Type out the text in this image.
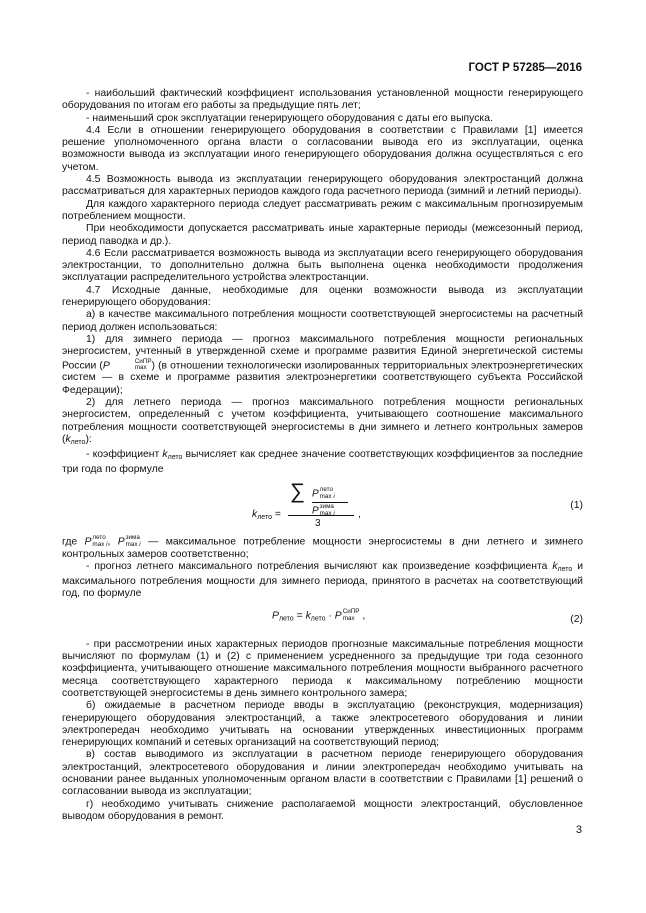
ГОСТ Р 57285—2016

- наибольший фактический коэффициент использования установленной мощности генерирующего оборудования по итогам его работы за предыдущие пять лет;

- наименьший срок эксплуатации генерирующего оборудования с даты его выпуска.

4.4 Если в отношении генерирующего оборудования в соответствии с Правилами [1] имеется решение уполномоченного органа власти о согласовании вывода его из эксплуатации, оценка возможности вывода из эксплуатации иного генерирующего оборудования должна осуществляться с его учетом.

4.5 Возможность вывода из эксплуатации генерирующего оборудования электростанций должна рассматриваться для характерных периодов каждого года расчетного периода (зимний и летний периоды).

Для каждого характерного периода следует рассматривать режим с максимальным прогнозируемым потреблением мощности.

При необходимости допускается рассматривать иные характерные периоды (межсезонный период, период паводка и др.).

4.6 Если рассматривается возможность вывода из эксплуатации всего генерирующего оборудования электростанции, то дополнительно должна быть выполнена оценка необходимости продолжения эксплуатации распределительного устройства электростанции.

4.7 Исходные данные, необходимые для оценки возможности вывода из эксплуатации генерирующего оборудования:

а) в качестве максимального потребления мощности соответствующей энергосистемы на расчетный период должен использоваться:

1) для зимнего периода — прогноз максимального потребления мощности региональных энергосистем, учтенный в утвержденной схеме и программе развития Единой энергетической системы России (P	СиПР
max ) (в отношении технологически изолированных территориальных электроэнергетических систем — в схеме и программе развития электроэнергетики соответствующего субъекта Российской Федерации);

2) для летнего периода — прогноз максимального потребления мощности региональных энергосистем, определенный с учетом коэффициента, учитывающего соотношение максимального потребления мощности соответствующей энергосистемы в дни зимнего и летнего контрольных замеров $(k_{лето})$:

- коэффициент $k_{лето}$ вычисляет как среднее значение соответствующих коэффициентов за последние три года по формуле

$k_{лето}$ =
∑ P лето
max i
P зима
max i
3
,
(1)

где P лето
max i , P зима
max i — максимальное потребление мощности энергосистемы в дни летнего и зимнего контрольных замеров соответственно;

- прогноз летнего максимального потребления вычисляют как произведение коэффициента $k_{лето}$ и максимального потребления мощности для зимнего периода, принятого в расчетах на соответствующий год, по формуле

$P_{лето} = k_{лето} \cdot P$ СиПР
max ,	(2)

- при рассмотрении иных характерных периодов прогнозные максимальные потребления мощности вычисляют по формулам (1) и (2) с применением усредненного за предыдущие три года сезонного коэффициента, учитывающего отношение максимального потребления мощности выбранного расчетного месяца соответствующего характерного периода к максимальному потреблению мощности соответствующей энергосистемы в день зимнего контрольного замера;

б) ожидаемые в расчетном периоде вводы в эксплуатацию (реконструкция, модернизация) генерирующего оборудования электростанций, а также электросетевого оборудования и линии электропередач необходимо учитывать на основании утвержденных инвестиционных программ генерирующих компаний и сетевых организаций на соответствующий период;

в) состав выводимого из эксплуатации в расчетном периоде генерирующего оборудования электростанций, электросетевого оборудования и линии электропередач необходимо учитывать на основании ранее выданных уполномоченным органом власти в соответствии с Правилами [1] решений о согласовании вывода из эксплуатации;

г) необходимо учитывать снижение располагаемой мощности электростанций, обусловленное выводом оборудования в ремонт.

3
